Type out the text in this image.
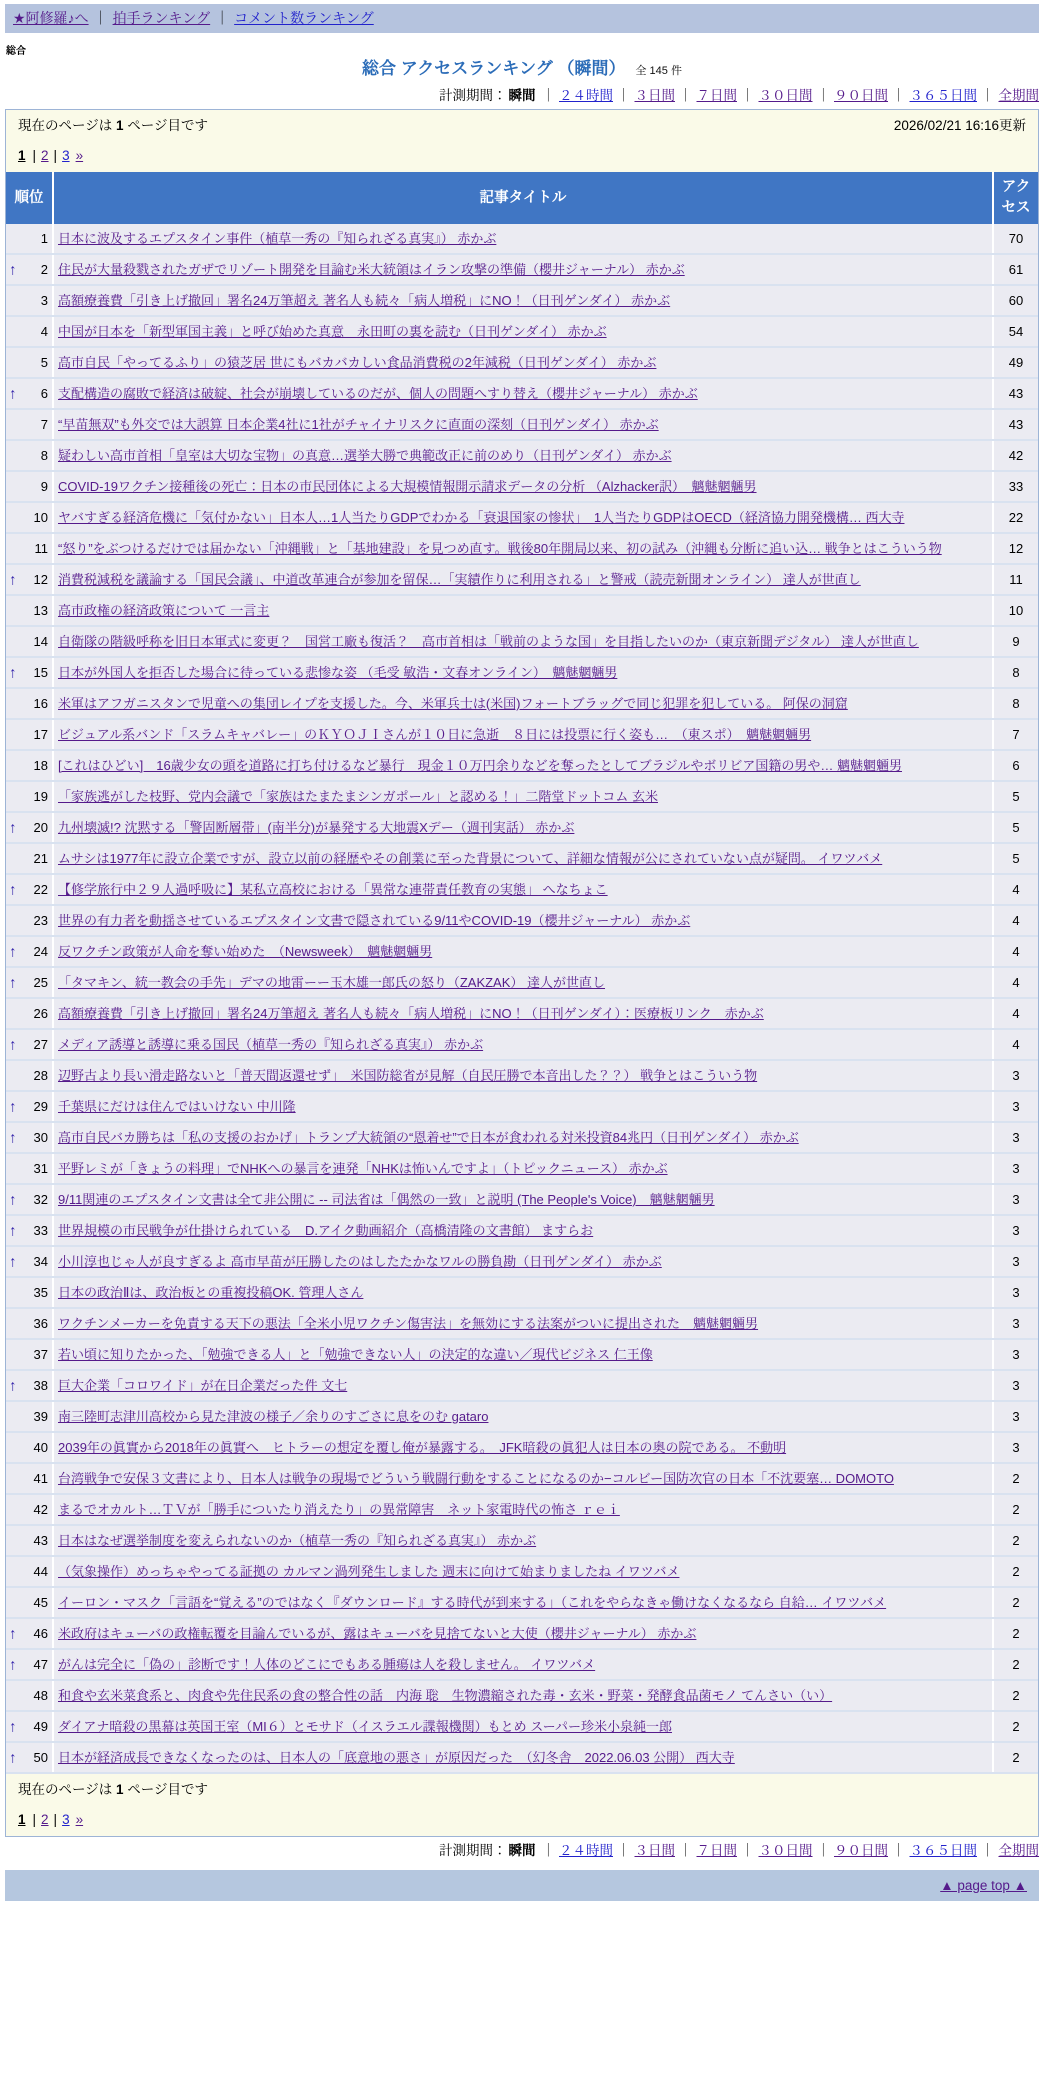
★阿修羅♪へ ｜ 拍手ランキング ｜ コメント数ランキング
総合
総合 アクセスランキング （瞬間） 全 145 件
計測期間： 瞬間 ｜ ２４時間 ｜ ３日間 ｜ ７日間 ｜ ３０日間 ｜ ９０日間 ｜ ３６５日間 ｜ 全期間
現在のページは 1 ページ目です	2026/02/21 16:16更新
1 | 2 | 3 »
順位	記事タイトル	アクセス
1	日本に波及するエプスタイン事件（植草一秀の『知られざる真実』） 赤かぶ	70

↑ 2	住民が大量殺戮されたガザでリゾート開発を目論む米大統領はイラン攻撃の準備（櫻井ジャーナル） 赤かぶ	61
3	高額療養費「引き上げ撤回」署名24万筆超え 著名人も続々「病人増税」にNO！（日刊ゲンダイ） 赤かぶ	60
4	中国が日本を「新型軍国主義」と呼び始めた真意　永田町の裏を読む（日刊ゲンダイ） 赤かぶ	54
5	高市自民「やってるふり」の猿芝居 世にもバカバカしい食品消費税の2年減税（日刊ゲンダイ） 赤かぶ	49

↑ 6	支配構造の腐敗で経済は破綻、社会が崩壊しているのだが、個人の問題へすり替え（櫻井ジャーナル） 赤かぶ	43
7	“早苗無双”も外交では大誤算 日本企業4社に1社がチャイナリスクに直面の深刻（日刊ゲンダイ） 赤かぶ	43
8	疑わしい高市首相「皇室は大切な宝物」の真意…選挙大勝で典範改正に前のめり（日刊ゲンダイ） 赤かぶ	42
9	COVID-19ワクチン接種後の死亡：日本の市民団体による大規模情報開示請求データの分析 （Alzhacker訳）　魑魅魍魎男	33
10	ヤバすぎる経済危機に「気付かない」日本人…1人当たりGDPでわかる「衰退国家の惨状」　1人当たりGDPはOECD（経済協力開発機構… 西大寺	22
11	“怒り”をぶつけるだけでは届かない「沖縄戦」と「基地建設」を見つめ直す。戦後80年開局以来、初の試み（沖縄も分断に追い込… 戦争とはこういう物	12

↑ 12	消費税減税を議論する「国民会議」、中道改革連合が参加を留保…「実績作りに利用される」と警戒（読売新聞オンライン） 達人が世直し	11
13	高市政権の経済政策について 一言主	10
14	自衛隊の階級呼称を旧日本軍式に変更？　国営工廠も復活？　高市首相は「戦前のような国」を目指したいのか（東京新聞デジタル） 達人が世直し	9

↑ 15	日本が外国人を拒否した場合に待っている悲惨な姿 （毛受 敏浩・文春オンライン）　魑魅魍魎男	8
16	米軍はアフガニスタンで児童への集団レイプを支援した。今、米軍兵士は(米国)フォートブラッグで同じ犯罪を犯している。 阿保の洞窟	8
17	ビジュアル系バンド「スラムキャバレー」のＫＹＯＪＩさんが１０日に急逝　８日には投票に行く姿も…　（東スポ）　魑魅魍魎男	7
18	[これはひどい]　16歳少女の頭を道路に打ち付けるなど暴行　現金１０万円余りなどを奪ったとしてブラジルやボリビア国籍の男や… 魑魅魍魎男	6
19	「家族逃がした枝野、党内会議で「家族はたまたまシンガポール」と認める！」二階堂ドットコム 玄米	5

↑ 20	九州壊滅!? 沈黙する「警固断層帯」(南半分)が暴発する大地震Xデー（週刊実話） 赤かぶ	5
21	ムサシは1977年に設立企業ですが、設立以前の経歴やその創業に至った背景について、詳細な情報が公にされていない点が疑問。 イワツバメ	5

↑ 22	【修学旅行中２９人過呼吸に】某私立高校における「異常な連帯責任教育の実態」 へなちょこ	4
23	世界の有力者を動揺させているエプスタイン文書で隠されている9/11やCOVID-19（櫻井ジャーナル） 赤かぶ	4

↑ 24	反ワクチン政策が人命を奪い始めた　（Newsweek）　魑魅魍魎男	4

↑ 25	「タマキン、統一教会の手先」デマの地雷ーー玉木雄一郎氏の怒り（ZAKZAK） 達人が世直し	4
26	高額療養費「引き上げ撤回」署名24万筆超え 著名人も続々「病人増税」にNO！（日刊ゲンダイ）：医療板リンク　赤かぶ	4

↑ 27	メディア誘導と誘導に乗る国民（植草一秀の『知られざる真実』） 赤かぶ	4
28	辺野古より長い滑走路ないと「普天間返還せず」　米国防総省が見解（自民圧勝で本音出した？？） 戦争とはこういう物	3

↑ 29	千葉県にだけは住んではいけない 中川隆	3

↑ 30	高市自民バカ勝ちは「私の支援のおかげ」トランプ大統領の“恩着せ”で日本が食われる対米投資84兆円（日刊ゲンダイ） 赤かぶ	3
31	平野レミが「きょうの料理」でNHKへの暴言を連発「NHKは怖いんですよ」（トピックニュース） 赤かぶ	3

↑ 32	9/11関連のエプスタイン文書は全て非公開に -- 司法省は「偶然の一致」と説明 (The People's Voice)　魑魅魍魎男	3

↑ 33	世界規模の市民戦争が仕掛けられている　D.アイク動画紹介（高橋清隆の文書館） ますらお	3

↑ 34	小川淳也じゃ人が良すぎるよ 高市早苗が圧勝したのはしたたかなワルの勝負勘（日刊ゲンダイ） 赤かぶ	3
35	日本の政治Ⅱは、政治板との重複投稿OK. 管理人さん	3
36	ワクチンメーカーを免責する天下の悪法「全米小児ワクチン傷害法」を無効にする法案がついに提出された　魑魅魍魎男	3
37	若い頃に知りたかった、「勉強できる人」と「勉強できない人」の決定的な違い／現代ビジネス 仁王像	3

↑ 38	巨大企業「コロワイド」が在日企業だった件 文七	3
39	南三陸町志津川高校から見た津波の様子／余りのすごさに息をのむ gataro	3
40	2039年の眞實から2018年の眞實へ　ヒトラーの想定を覆し俺が暴露する。　JFK暗殺の眞犯人は日本の奥の院である。 不動明	3
41	台湾戦争で安保３文書により、日本人は戦争の現場でどういう戦闘行動をすることになるのか−コルビー国防次官の日本「不沈要塞… DOMOTO	2
42	まるでオカルト…ＴＶが「勝手についたり消えたり」の異常障害　ネット家電時代の怖さ ｒｅｉ	2
43	日本はなぜ選挙制度を変えられないのか（植草一秀の『知られざる真実』） 赤かぶ	2
44	（気象操作）めっちゃやってる証拠の カルマン渦列発生しました 週末に向けて始まりましたね イワツバメ	2
45	イーロン・マスク「言語を“覚える”のではなく『ダウンロード』する時代が到来する」（これをやらなきゃ働けなくなるなら 自給… イワツバメ	2

↑ 46	米政府はキューバの政権転覆を目論んでいるが、露はキューバを見捨てないと大使（櫻井ジャーナル） 赤かぶ	2

↑ 47	がんは完全に「偽の」診断です！人体のどこにでもある腫瘍は人を殺しません。 イワツバメ	2
48	和食や玄米菜食系と、肉食や先住民系の食の整合性の話　内海 聡　生物濃縮された毒・玄米・野菜・発酵食品菌モノ てんさい（い）	2

↑ 49	ダイアナ暗殺の黒幕は英国王室（MI６）とモサド（イスラエル諜報機関）もとめ スーパー珍米小泉純一郎	2

↑ 50	日本が経済成長できなくなったのは、日本人の「底意地の悪さ」が原因だった　（幻冬舎　2022.06.03 公開） 西大寺	2
現在のページは 1 ページ目です
1 | 2 | 3 »
計測期間： 瞬間 ｜ ２４時間 ｜ ３日間 ｜ ７日間 ｜ ３０日間 ｜ ９０日間 ｜ ３６５日間 ｜ 全期間
▲ page top ▲
